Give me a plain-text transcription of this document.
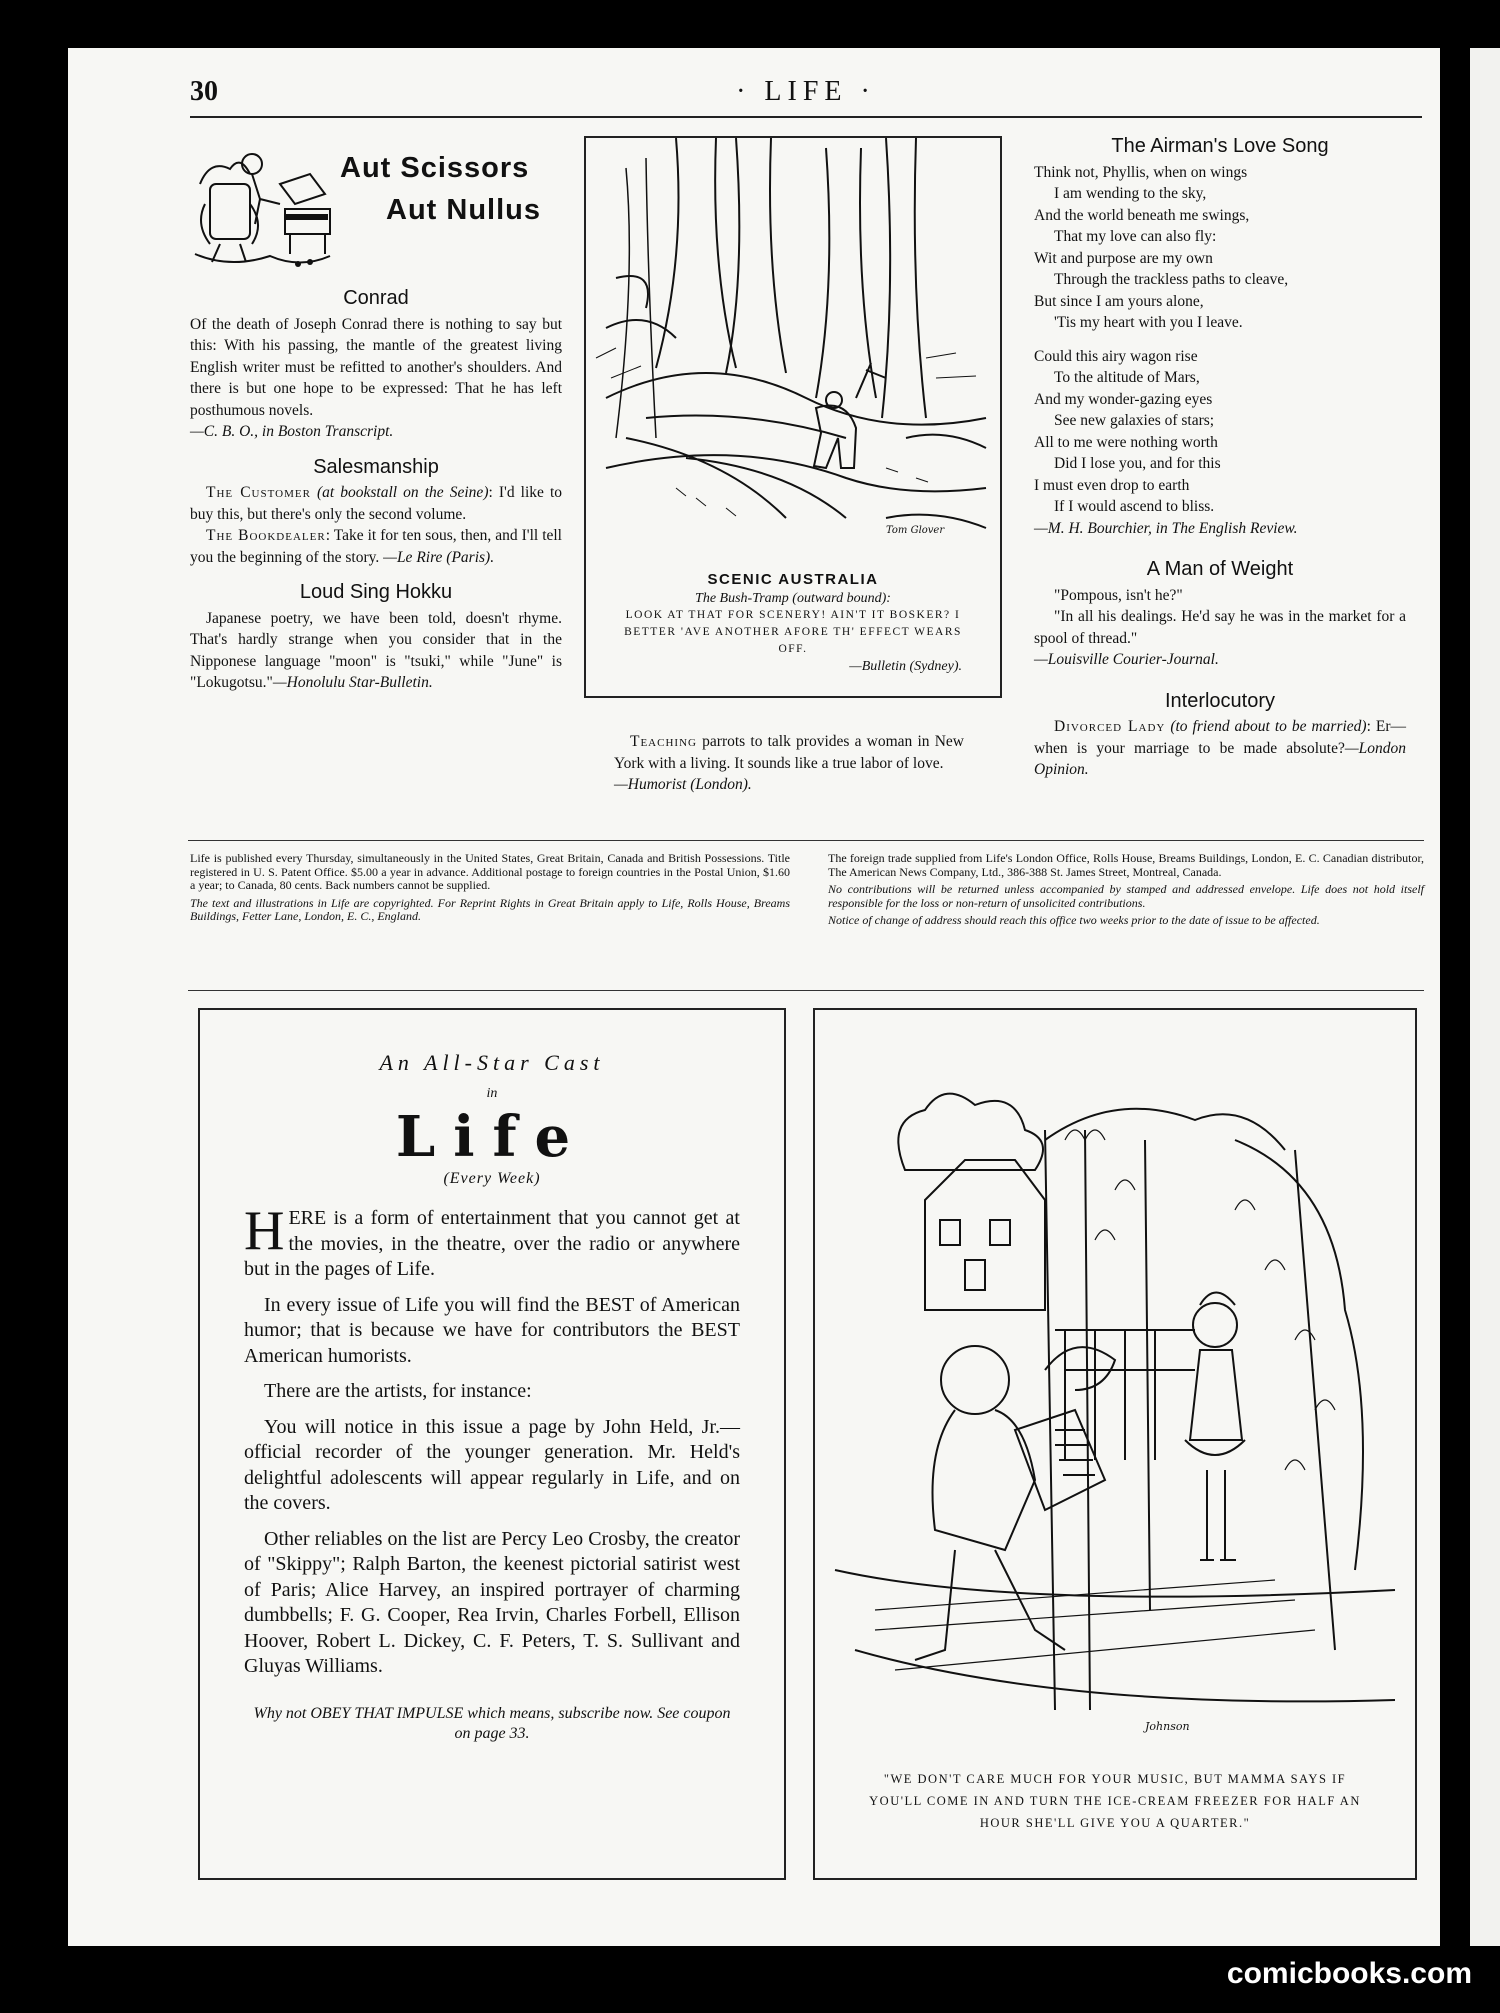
30	· LIFE ·
Aut Scissors
Aut Nullus
Conrad

Of the death of Joseph Conrad there is nothing to say but this: With his passing, the mantle of the greatest living English writer must be refitted to another's shoulders. And there is but one hope to be expressed: That he has left posthumous novels.

—C. B. O., in Boston Transcript.

Salesmanship

The Customer (at bookstall on the Seine): I'd like to buy this, but there's only the second volume.

The Bookdealer: Take it for ten sous, then, and I'll tell you the beginning of the story. —Le Rire (Paris).

Loud Sing Hokku

Japanese poetry, we have been told, doesn't rhyme. That's hardly strange when you consider that in the Nipponese language "moon" is "tsuki," while "June" is "Lokugotsu."—Honolulu Star-Bulletin.

Tom Glover
SCENIC AUSTRALIA
The Bush-Tramp (outward bound):
LOOK AT THAT FOR SCENERY! AIN'T IT BOSKER? I BETTER 'AVE ANOTHER AFORE TH' EFFECT WEARS OFF.
—Bulletin (Sydney).

Teaching parrots to talk provides a woman in New York with a living. It sounds like a true labor of love.

—Humorist (London).

The Airman's Love Song

Think not, Phyllis, when on wings

I am wending to the sky,

And the world beneath me swings,

That my love can also fly:

Wit and purpose are my own

Through the trackless paths to cleave,

But since I am yours alone,

'Tis my heart with you I leave.

Could this airy wagon rise

To the altitude of Mars,

And my wonder-gazing eyes

See new galaxies of stars;

All to me were nothing worth

Did I lose you, and for this

I must even drop to earth

If I would ascend to bliss.

—M. H. Bourchier, in The English Review.

A Man of Weight

"Pompous, isn't he?"

"In all his dealings. He'd say he was in the market for a spool of thread."

—Louisville Courier-Journal.

Interlocutory

Divorced Lady (to friend about to be married): Er—when is your marriage to be made absolute?—London Opinion.

Life is published every Thursday, simultaneously in the United States, Great Britain, Canada and British Possessions. Title registered in U. S. Patent Office. $5.00 a year in advance. Additional postage to foreign countries in the Postal Union, $1.60 a year; to Canada, 80 cents. Back numbers cannot be supplied.

The text and illustrations in Life are copyrighted. For Reprint Rights in Great Britain apply to Life, Rolls House, Breams Buildings, Fetter Lane, London, E. C., England.

The foreign trade supplied from Life's London Office, Rolls House, Breams Buildings, London, E. C. Canadian distributor, The American News Company, Ltd., 386-388 St. James Street, Montreal, Canada.

No contributions will be returned unless accompanied by stamped and addressed envelope. Life does not hold itself responsible for the loss or non-return of unsolicited contributions.

Notice of change of address should reach this office two weeks prior to the date of issue to be affected.

An All-Star Cast
in
Life
(Every Week)

HERE is a form of entertainment that you cannot get at the movies, in the theatre, over the radio or anywhere but in the pages of Life.

In every issue of Life you will find the BEST of American humor; that is because we have for contributors the BEST American humorists.

There are the artists, for instance:

You will notice in this issue a page by John Held, Jr.—official recorder of the younger generation. Mr. Held's delightful adolescents will appear regularly in Life, and on the covers.

Other reliables on the list are Percy Leo Crosby, the creator of "Skippy"; Ralph Barton, the keenest pictorial satirist west of Paris; Alice Harvey, an inspired portrayer of charming dumbbells; F. G. Cooper, Rea Irvin, Charles Forbell, Ellison Hoover, Robert L. Dickey, C. F. Peters, T. S. Sullivant and Gluyas Williams.

Why not OBEY THAT IMPULSE which means, subscribe now. See coupon on page 33.	Johnson
"WE DON'T CARE MUCH FOR YOUR MUSIC, BUT MAMMA SAYS IF YOU'LL COME IN AND TURN THE ICE-CREAM FREEZER FOR HALF AN HOUR SHE'LL GIVE YOU A QUARTER."
comicbooks.com
